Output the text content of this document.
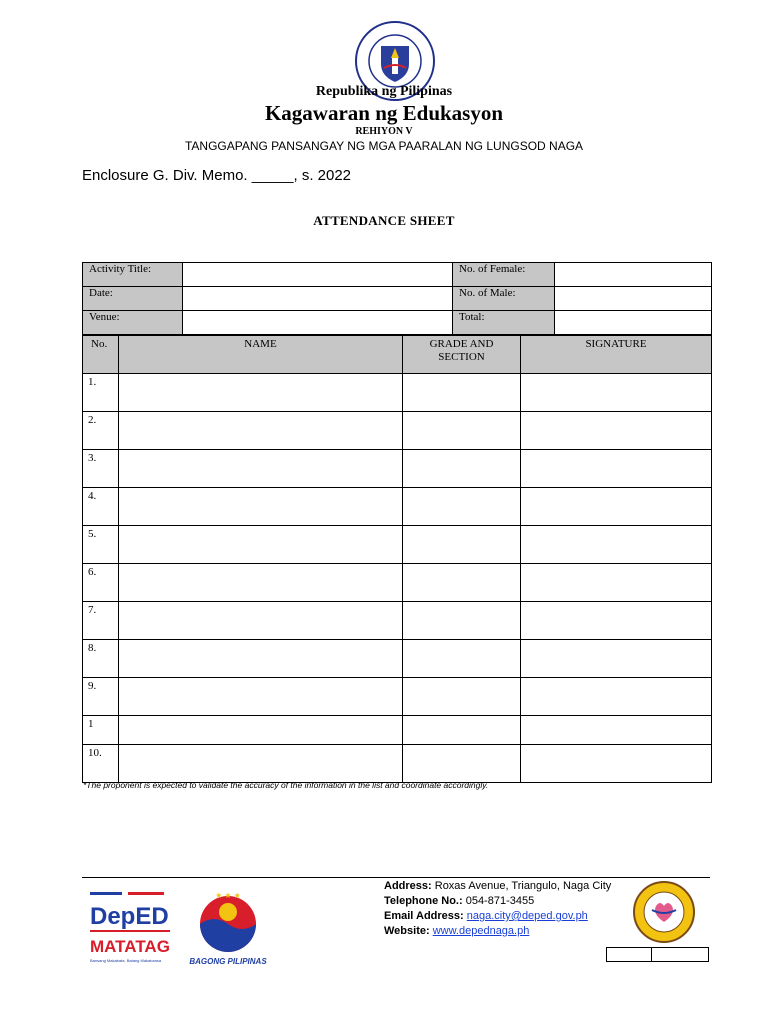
Republika ng Pilipinas
Kagawaran ng Edukasyon
REHIYON V
TANGGAPANG PANSANGAY NG MGA PAARALAN NG LUNGSOD NAGA
Enclosure G. Div. Memo. _____, s. 2022
ATTENDANCE SHEET
Activity Title:		No. of Female:	
Date:		No. of Male:	
Venue:		Total:	
No.	NAME	GRADE AND SECTION	SIGNATURE
1.			
2.			
3.			
4.			
5.			
6.			
7.			
8.			
9.			
1			
10.			
*The proponent is expected to validate the accuracy of the information in the list and coordinate accordingly.
DepED
MATATAG
Bansang Makabata, Batang Makabansa
★ ★ ★
BAGONG PILIPINAS
Address: Roxas Avenue, Triangulo, Naga City
Telephone No.: 054-871-3455
Email Address: naga.city@deped.gov.ph
Website: www.depednaga.ph
